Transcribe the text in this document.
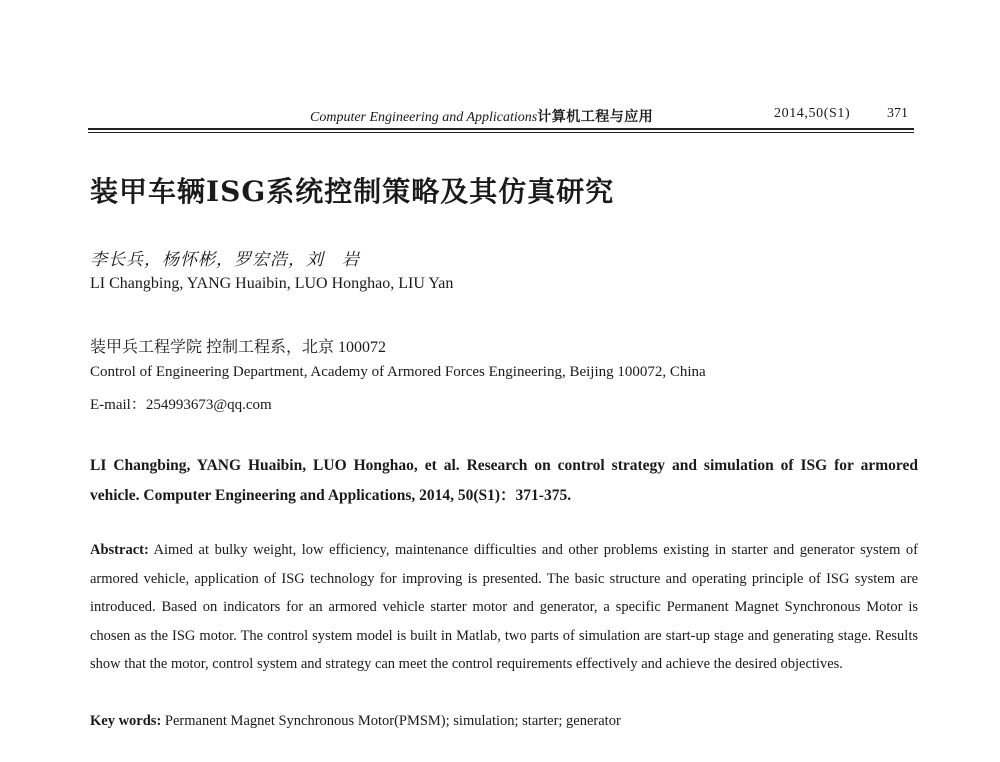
Computer Engineering and Applications计算机工程与应用	2014,50(S1)	371
装甲车辆ISG系统控制策略及其仿真研究
李长兵，杨怀彬，罗宏浩，刘　岩
LI Changbing, YANG Huaibin, LUO Honghao, LIU Yan
装甲兵工程学院 控制工程系，北京 100072
Control of Engineering Department, Academy of Armored Forces Engineering, Beijing 100072, China
E-mail：254993673@qq.com
LI Changbing, YANG Huaibin, LUO Honghao, et al. Research on control strategy and simulation of ISG for armored vehicle. Computer Engineering and Applications, 2014, 50(S1)：371-375.
Abstract: Aimed at bulky weight, low efficiency, maintenance difficulties and other problems existing in starter and generator system of armored vehicle, application of ISG technology for improving is presented. The basic structure and operating principle of ISG system are introduced. Based on indicators for an armored vehicle starter motor and generator, a specific Permanent Magnet Synchronous Motor is chosen as the ISG motor. The control system model is built in Matlab, two parts of simulation are start-up stage and generating stage. Results show that the motor, control system and strategy can meet the control requirements effectively and achieve the desired objectives.
Key words: Permanent Magnet Synchronous Motor(PMSM); simulation; starter; generator
